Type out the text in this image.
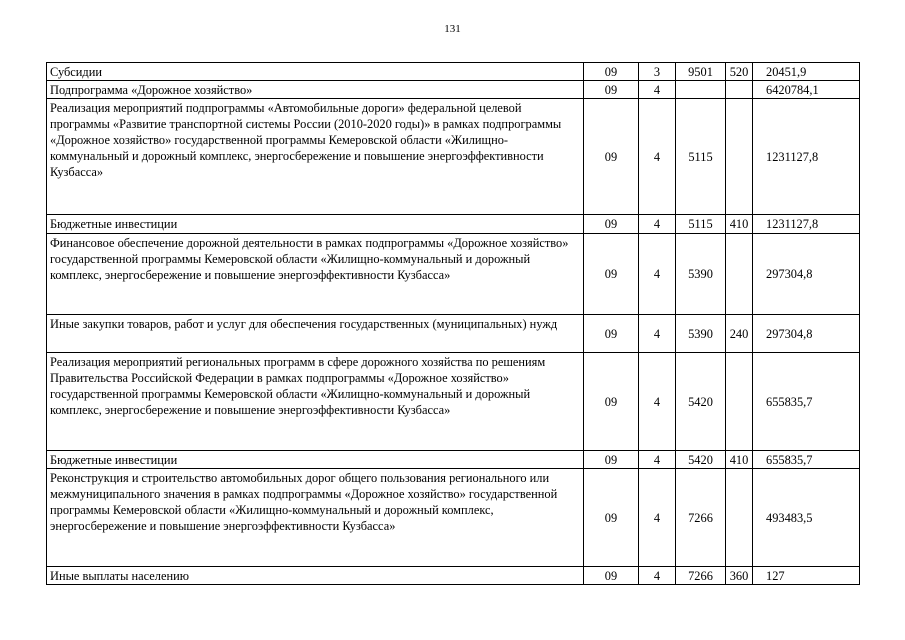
131
Субсидии	09	3	9501	520	20451,9
Подпрограмма «Дорожное хозяйство»	09	4			6420784,1
Реализация мероприятий подпрограммы «Автомобильные дороги» федеральной целевой программы «Развитие транспортной системы России (2010-2020 годы)» в рамках подпрограммы «Дорожное хозяйство» государственной программы Кемеровской области «Жилищно-коммунальный и дорожный комплекс, энергосбережение и повышение энергоэффективности Кузбасса»	09	4	5115		1231127,8
Бюджетные инвестиции	09	4	5115	410	1231127,8
Финансовое обеспечение дорожной деятельности в рамках подпрограммы «Дорожное хозяйство» государственной программы Кемеровской области «Жилищно-коммунальный и дорожный комплекс, энергосбережение и повышение энергоэффективности Кузбасса»	09	4	5390		297304,8
Иные закупки товаров, работ и услуг для обеспечения государственных (муниципальных) нужд	09	4	5390	240	297304,8
Реализация мероприятий региональных программ в сфере дорожного хозяйства по решениям Правительства Российской Федерации в рамках подпрограммы «Дорожное хозяйство» государственной программы Кемеровской области «Жилищно-коммунальный и дорожный комплекс, энергосбережение и повышение энергоэффективности Кузбасса»	09	4	5420		655835,7
Бюджетные инвестиции	09	4	5420	410	655835,7
Реконструкция и строительство автомобильных дорог общего пользования регионального или межмуниципального значения в рамках подпрограммы «Дорожное хозяйство» государственной программы Кемеровской области «Жилищно-коммунальный и дорожный комплекс, энергосбережение и повышение энергоэффективности Кузбасса»	09	4	7266		493483,5
Иные выплаты населению	09	4	7266	360	127
